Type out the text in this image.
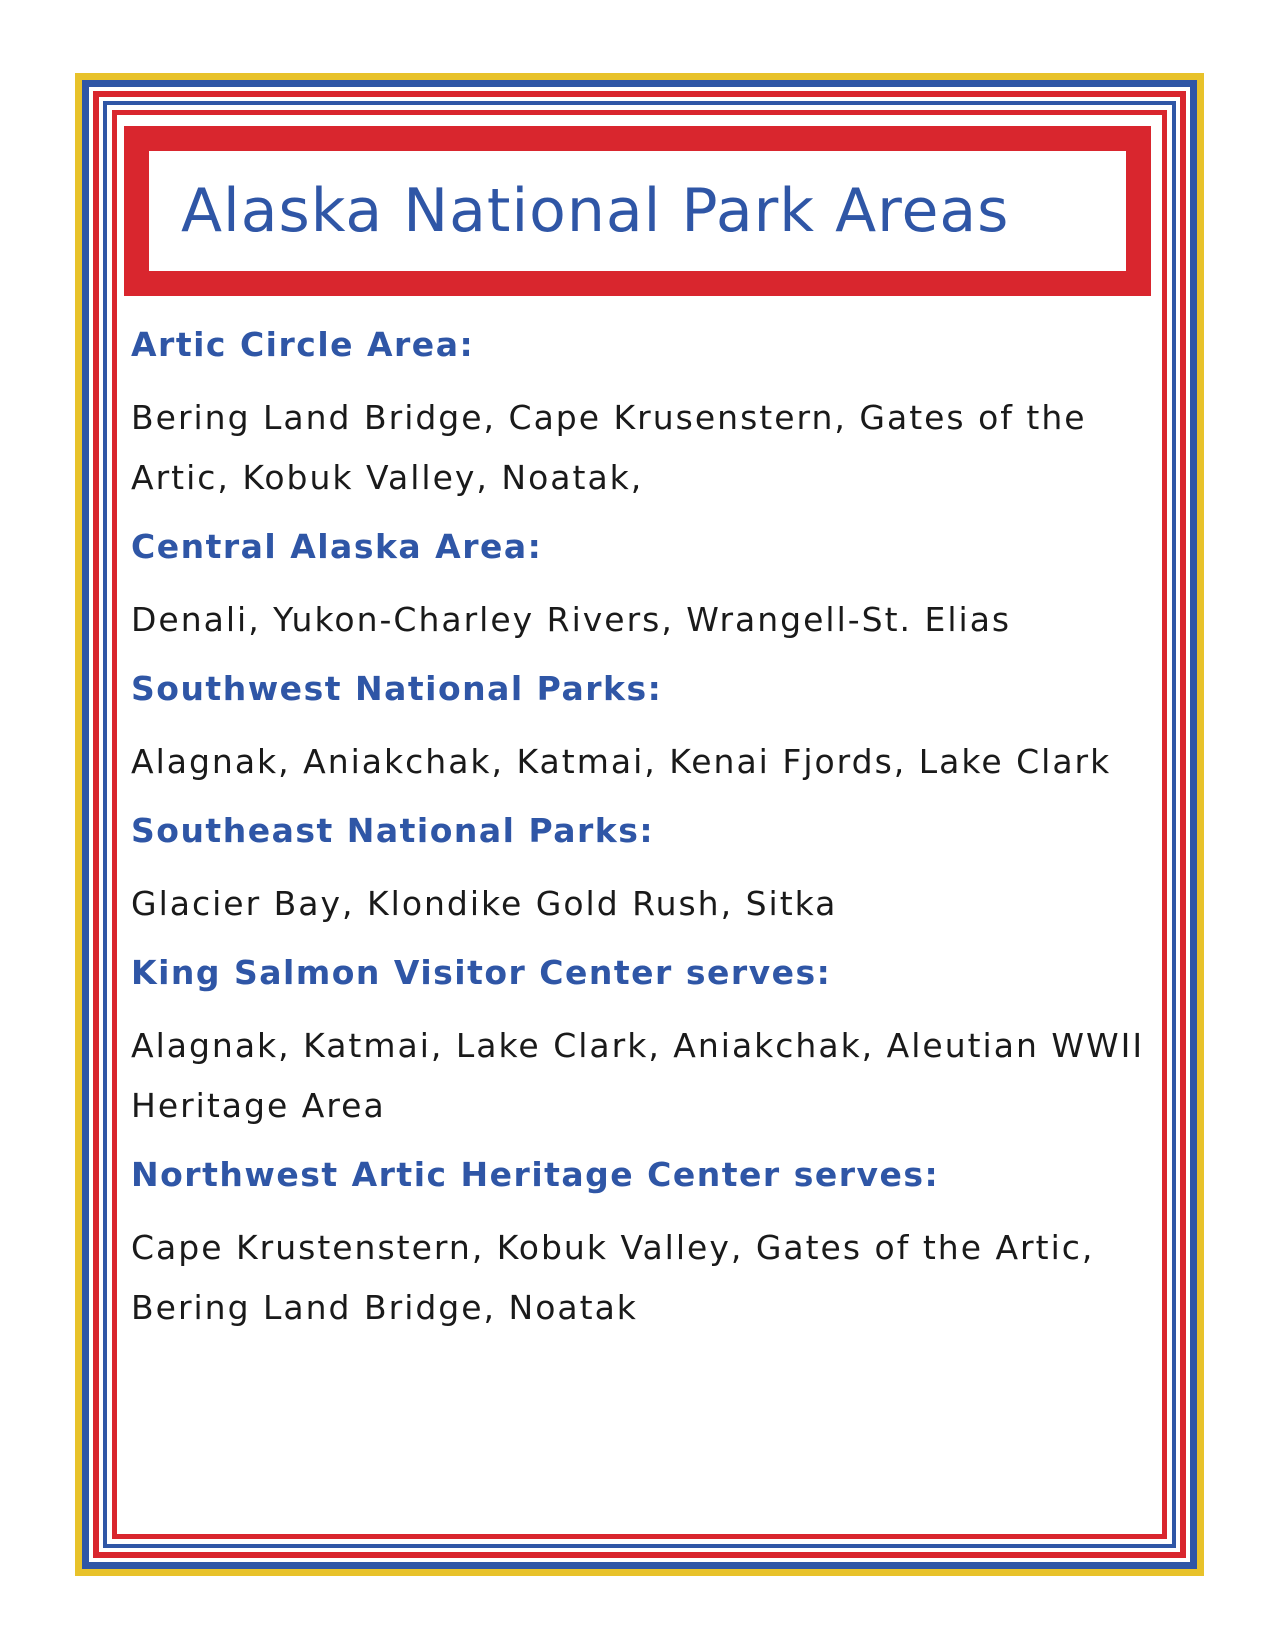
Alaska National Park Areas
Artic Circle Area:

Bering Land Bridge, Cape Krusenstern, Gates of the Artic, Kobuk Valley, Noatak,

Central Alaska Area:

Denali, Yukon-Charley Rivers, Wrangell-St. Elias

Southwest National Parks:

Alagnak, Aniakchak, Katmai, Kenai Fjords, Lake Clark

Southeast National Parks:

Glacier Bay, Klondike Gold Rush, Sitka

King Salmon Visitor Center serves:

Alagnak, Katmai, Lake Clark, Aniakchak, Aleutian WWII Heritage Area

Northwest Artic Heritage Center serves:

Cape Krustenstern, Kobuk Valley, Gates of the Artic, Bering Land Bridge, Noatak
